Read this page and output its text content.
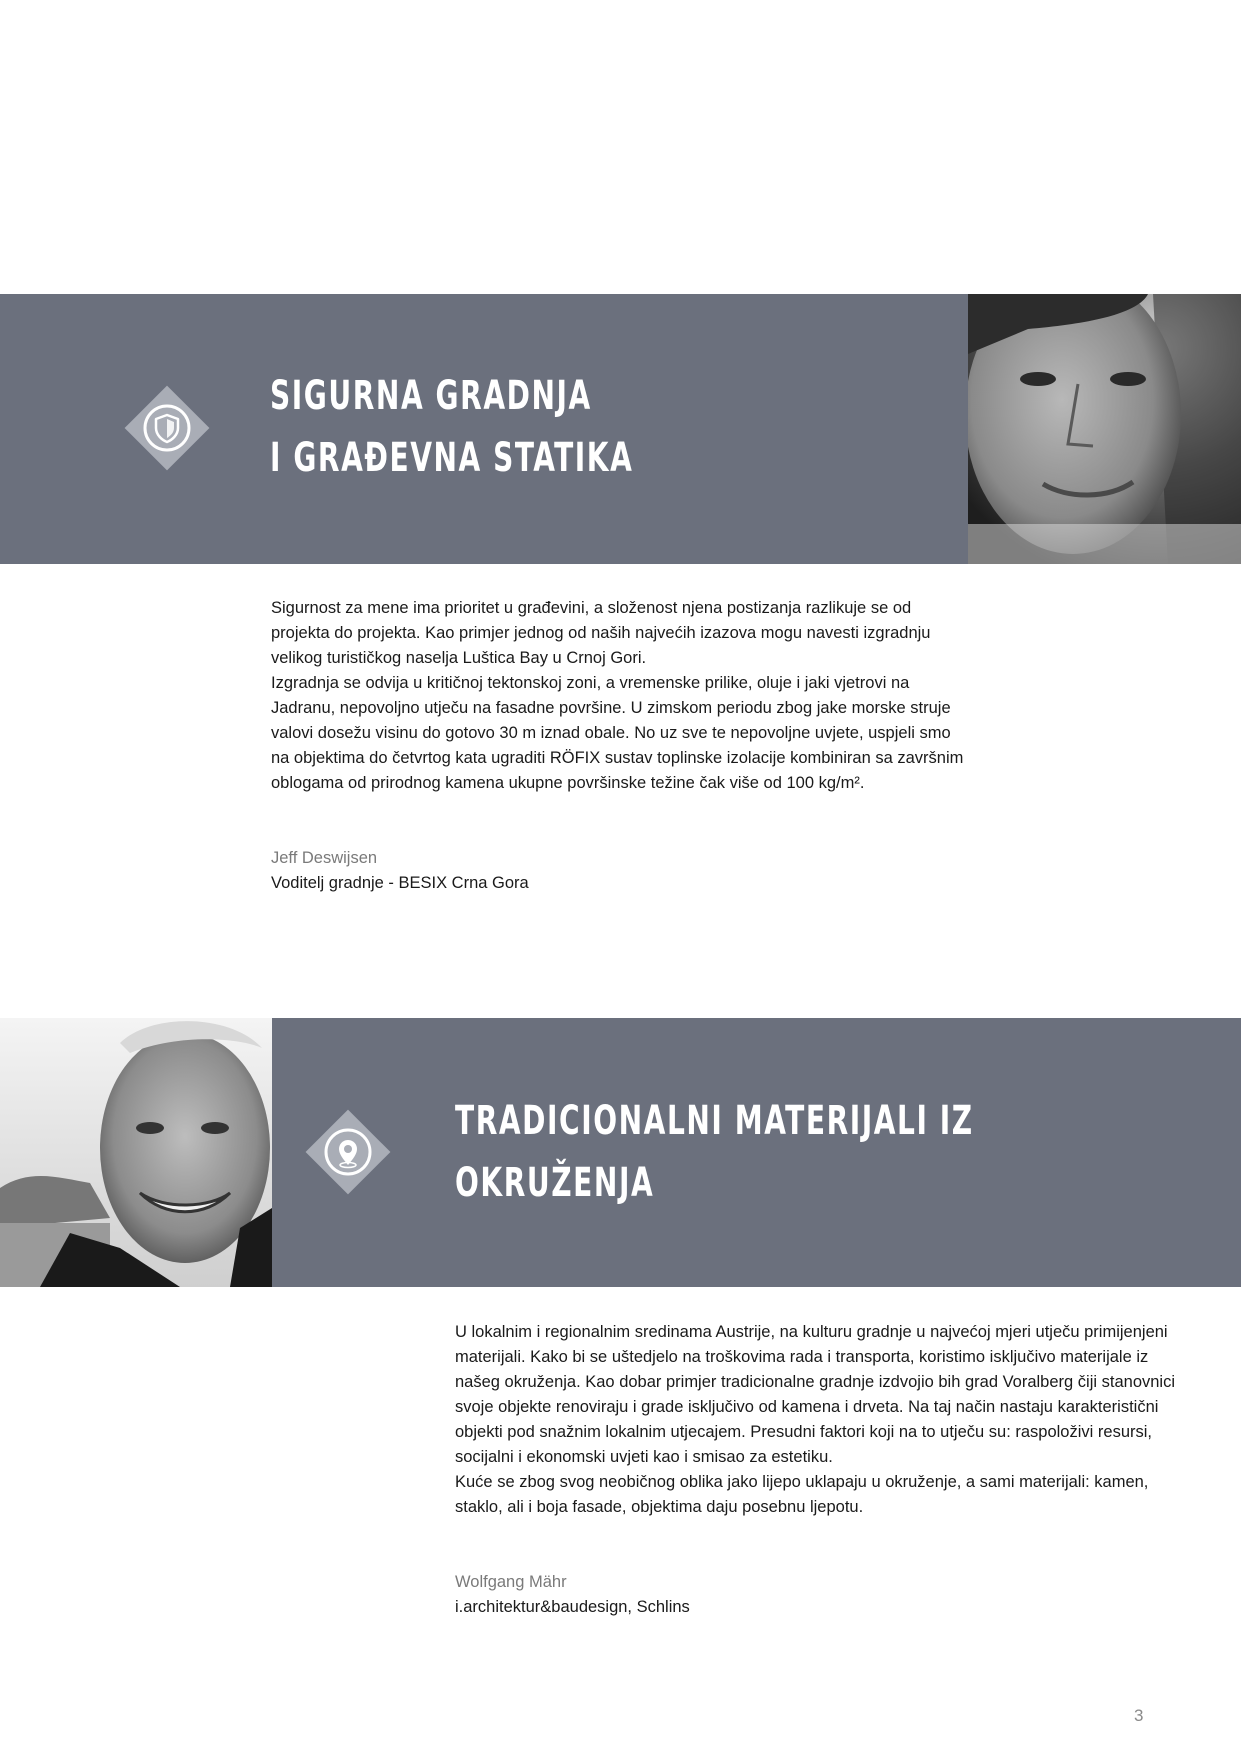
SIGURNA GRADNJA
I GRAĐEVNA STATIKA

Sigurnost za mene ima prioritet u građevini, a složenost njena postizanja razlikuje se od projekta do projekta. Kao primjer jednog od naših najvećih izazova mogu navesti izgradnju velikog turističkog naselja Luštica Bay u Crnoj Gori.

Izgradnja se odvija u kritičnoj tektonskoj zoni, a vremenske prilike, oluje i jaki vjetrovi na Jadranu, nepovoljno utječu na fasadne površine. U zimskom periodu zbog jake morske struje valovi dosežu visinu do gotovo 30 m iznad obale. No uz sve te nepovoljne uvjete, uspjeli smo na objektima do četvrtog kata ugraditi RÖFIX sustav toplinske izolacije kombiniran sa završnim oblogama od prirodnog kamena ukupne površinske težine čak više od 100 kg/m².

Jeff Deswijsen
Voditelj gradnje - BESIX Crna Gora
TRADICIONALNI MATERIJALI IZ
OKRUŽENJA

U lokalnim i regionalnim sredinama Austrije, na kulturu gradnje u najvećoj mjeri utječu primijenjeni materijali. Kako bi se uštedjelo na troškovima rada i transporta, koristimo isključivo materijale iz našeg okruženja. Kao dobar primjer tradicionalne gradnje izdvojio bih grad Voralberg čiji stanovnici svoje objekte renoviraju i grade isključivo od kamena i drveta. Na taj način nastaju karakteristični objekti pod snažnim lokalnim utjecajem. Presudni faktori koji na to utječu su: raspoloživi resursi, socijalni i ekonomski uvjeti kao i smisao za estetiku.

Kuće se zbog svog neobičnog oblika jako lijepo uklapaju u okruženje, a sami materijali: kamen, staklo, ali i boja fasade, objektima daju posebnu ljepotu.

Wolfgang Mähr
i.architektur&baudesign, Schlins
3
